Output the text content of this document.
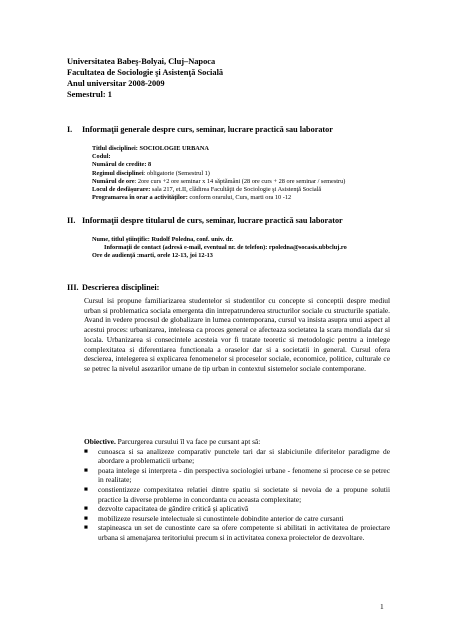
Universitatea Babeş-Bolyai, Cluj–Napoca
Facultatea de Sociologie şi Asistenţă Socială
Anul universitar 2008-2009
Semestrul: 1
I. Informaţii generale despre curs, seminar, lucrare practică sau laborator
Titlul disciplinei: SOCIOLOGIE URBANA
Codul:
Numărul de credite: 8
Regimul disciplinei: obligatorie (Semestrul 1)
Numărul de ore: 2ore curs +2 ore seminar x 14 săptămâni (28 ore curs + 28 ore seminar / semestru)
Locul de desfăşurare: sala 217, et.II, clădirea Facultăţii de Sociologie şi Asistenţă Socială
Programarea în orar a activităţilor: conform orarului, Curs, marti ora 10 -12
II. Informaţii despre titularul de curs, seminar, lucrare practică sau laborator
Nume, titlul ştiinţific: Rudolf Poledna, conf. univ. dr.
Informaţii de contact (adresă e-mail, eventual nr. de telefon): rpoledna@socasis.ubbcluj.ro
Ore de audienţă :marti, orele 12-13, joi 12-13
III. Descrierea disciplinei:
Cursul isi propune familiarizarea studentelor si studentilor cu concepte si conceptii despre mediul urban si problematica sociala emergenta din intrepatrunderea structurilor sociale cu structurile spatiale. Avand in vedere procesul de globalizare in lumea contemporana, cursul va insista asupra unui aspect al acestui proces: urbanizarea, inteleasa ca proces general ce afecteaza societatea la scara mondiala dar si locala. Urbanizarea si consecintele acesteia vor fi tratate teoretic si metodologic pentru a intelege complexitatea si diferentiarea functionala a oraselor dar si a societatii in general. Cursul ofera descierea, intelegerea si explicarea fenomenelor si proceselor sociale, economice, politice, culturale ce se petrec la nivelul asezarilor umane de tip urban in contextul sistemelor sociale contemporane.
Obiective. Parcurgerea cursului îl va face pe cursant apt să:
■ cunoasca si sa analizeze comparativ punctele tari dar si slabiciunile diferitelor paradigme de abordare a problematicii urbane;
■ poata intelege si interpreta - din perspectiva sociologiei urbane - fenomene si procese ce se petrec in realitate;
■ constientizeze compexitatea relatiei dintre spatiu si societate si nevoia de a propune solutii practice la diverse probleme in concordanta cu aceasta complexitate;
■ dezvolte capacitatea de gândire critică şi aplicativă
■ mobilizeze resursele intelectuale si cunostintele dobindite anterior de catre cursanti
■ stapineasca un set de cunostinte care sa ofere competente si abilitati in activitatea de proiectare urbana si amenajarea teritoriului precum si in activitatea conexa proiectelor de dezvoltare.
1
